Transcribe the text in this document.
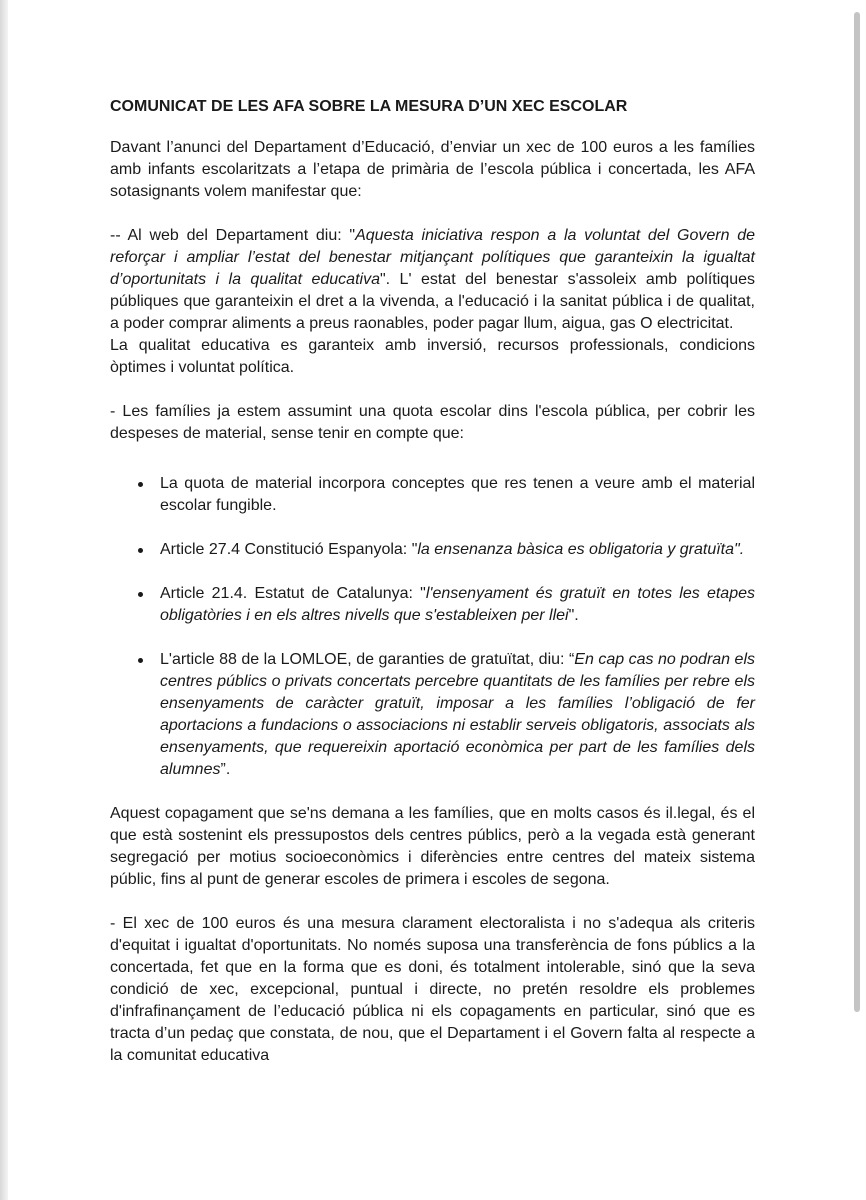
COMUNICAT DE LES AFA SOBRE LA MESURA D’UN XEC ESCOLAR

Davant l’anunci del Departament d’Educació, d’enviar un xec de 100 euros a les famílies amb infants escolaritzats a l’etapa de primària de l’escola pública i concertada, les AFA sotasignants volem manifestar que:

-- Al web del Departament diu: "Aquesta iniciativa respon a la voluntat del Govern de reforçar i ampliar l’estat del benestar mitjançant polítiques que garanteixin la igualtat d’oportunitats i la qualitat educativa". L' estat del benestar s'assoleix amb polítiques públiques que garanteixin el dret a la vivenda, a l'educació i la sanitat pública i de qualitat, a poder comprar aliments a preus raonables, poder pagar llum, aigua, gas O electricitat.
La qualitat educativa es garanteix amb inversió, recursos professionals, condicions òptimes i voluntat política.

- Les famílies ja estem assumint una quota escolar dins l'escola pública, per cobrir les despeses de material, sense tenir en compte que:

La quota de material incorpora conceptes que res tenen a veure amb el material escolar fungible.
Article 27.4 Constitució Espanyola: "la ensenanza bàsica es obligatoria y gratuïta".
Article 21.4. Estatut de Catalunya: "l'ensenyament és gratuït en totes les etapes obligatòries i en els altres nivells que s'estableixen per llei".
L'article 88 de la LOMLOE, de garanties de gratuïtat, diu: “En cap cas no podran els centres públics o privats concertats percebre quantitats de les famílies per rebre els ensenyaments de caràcter gratuït, imposar a les famílies l’obligació de fer aportacions a fundacions o associacions ni establir serveis obligatoris, associats als ensenyaments, que requereixin aportació econòmica per part de les famílies dels alumnes”.

Aquest copagament que se'ns demana a les famílies, que en molts casos és il.legal, és el que està sostenint els pressupostos dels centres públics, però a la vegada està generant segregació per motius socioeconòmics i diferències entre centres del mateix sistema públic, fins al punt de generar escoles de primera i escoles de segona.

- El xec de 100 euros és una mesura clarament electoralista i no s'adequa als criteris d'equitat i igualtat d'oportunitats. No només suposa una transferència de fons públics a la concertada, fet que en la forma que es doni, és totalment intolerable, sinó que la seva condició de xec, excepcional, puntual i directe, no pretén resoldre els problemes d'infrafinançament de l’educació pública ni els copagaments en particular, sinó que es tracta d’un pedaç que constata, de nou, que el Departament i el Govern falta al respecte a la comunitat educativa
